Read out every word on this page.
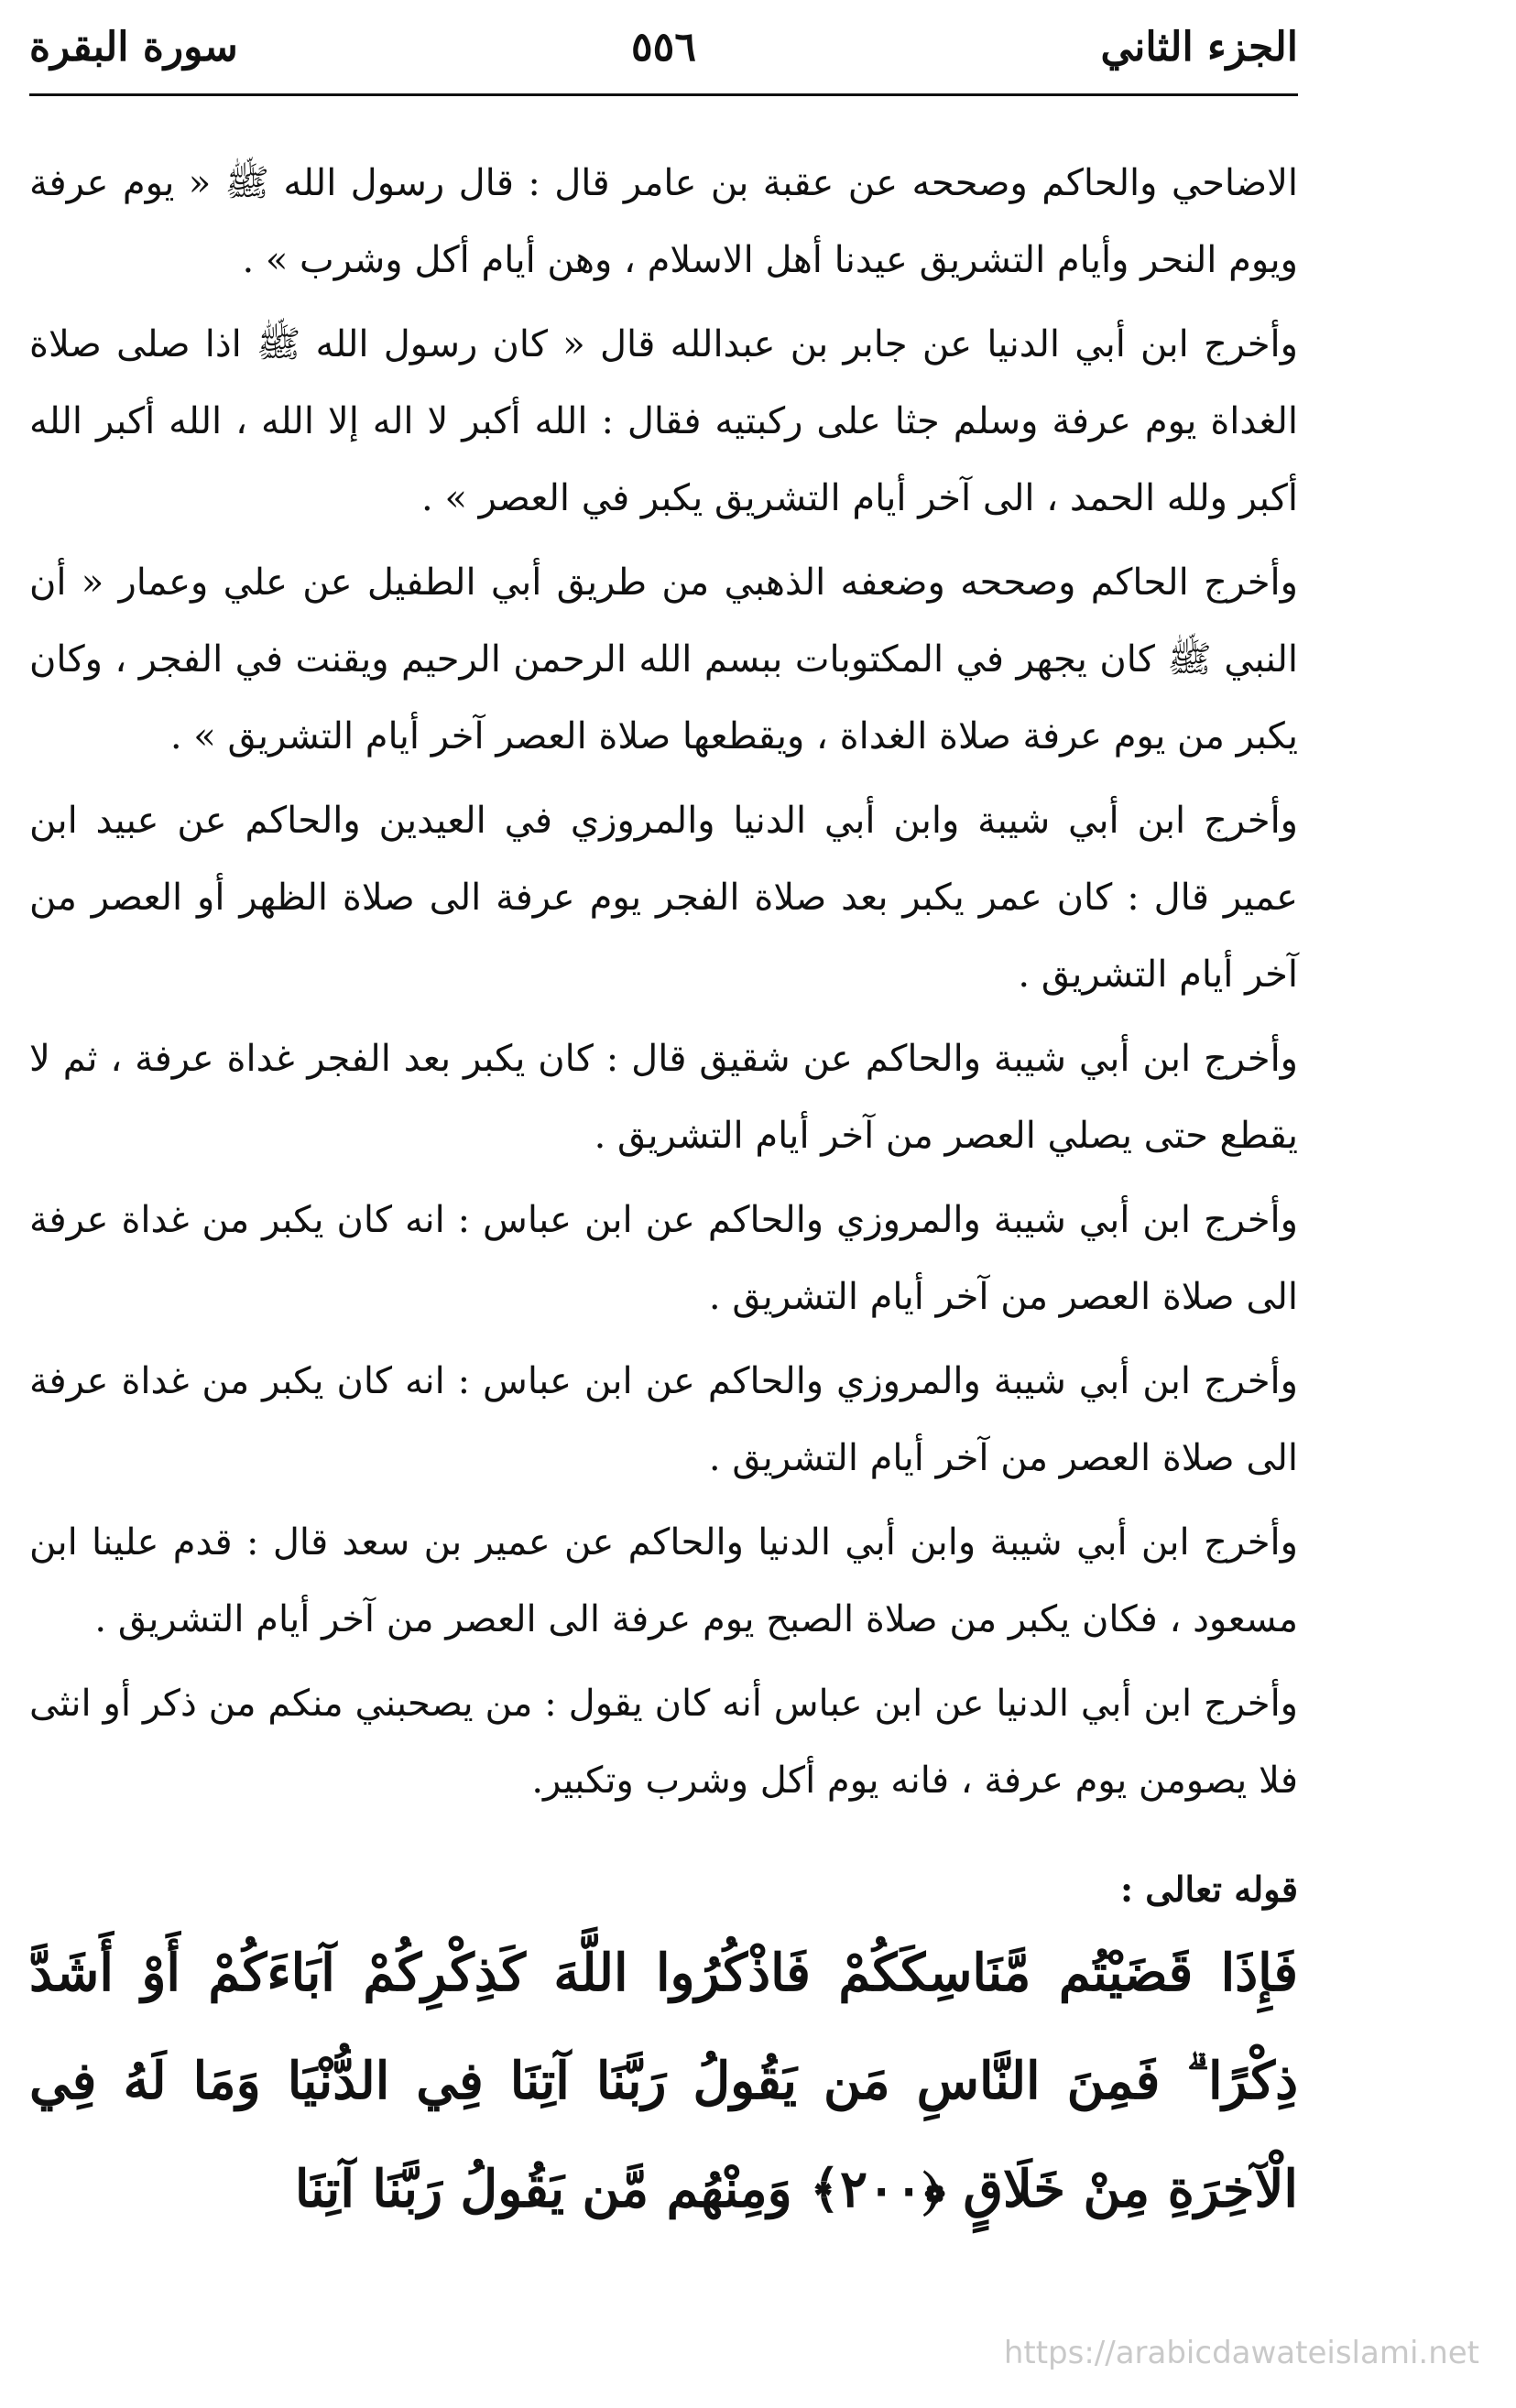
الجزء الثاني
٥٥٦
سورة البقرة

الاضاحي والحاكم وصححه عن عقبة بن عامر قال : قال رسول الله ﷺ « يوم عرفة ويوم النحر وأيام التشريق عيدنا أهل الاسلام ، وهن أيام أكل وشرب » .

وأخرج ابن أبي الدنيا عن جابر بن عبدالله قال « كان رسول الله ﷺ اذا صلى صلاة الغداة يوم عرفة وسلم جثا على ركبتيه فقال : الله أكبر لا اله إلا الله ، الله أكبر الله أكبر ولله الحمد ، الى آخر أيام التشريق يكبر في العصر » .

وأخرج الحاكم وصححه وضعفه الذهبي من طريق أبي الطفيل عن علي وعمار « أن النبي ﷺ كان يجهر في المكتوبات ببسم الله الرحمن الرحيم ويقنت في الفجر ، وكان يكبر من يوم عرفة صلاة الغداة ، ويقطعها صلاة العصر آخر أيام التشريق » .

وأخرج ابن أبي شيبة وابن أبي الدنيا والمروزي في العيدين والحاكم عن عبيد ابن عمير قال : كان عمر يكبر بعد صلاة الفجر يوم عرفة الى صلاة الظهر أو العصر من آخر أيام التشريق .

وأخرج ابن أبي شيبة والحاكم عن شقيق قال : كان يكبر بعد الفجر غداة عرفة ، ثم لا يقطع حتى يصلي العصر من آخر أيام التشريق .

وأخرج ابن أبي شيبة والمروزي والحاكم عن ابن عباس : انه كان يكبر من غداة عرفة الى صلاة العصر من آخر أيام التشريق .

وأخرج ابن أبي شيبة والمروزي والحاكم عن ابن عباس : انه كان يكبر من غداة عرفة الى صلاة العصر من آخر أيام التشريق .

وأخرج ابن أبي شيبة وابن أبي الدنيا والحاكم عن عمير بن سعد قال : قدم علينا ابن مسعود ، فكان يكبر من صلاة الصبح يوم عرفة الى العصر من آخر أيام التشريق .

وأخرج ابن أبي الدنيا عن ابن عباس أنه كان يقول : من يصحبني منكم من ذكر أو انثى فلا يصومن يوم عرفة ، فانه يوم أكل وشرب وتكبير.

قوله تعالى :
فَإِذَا قَضَيْتُم مَّنَاسِكَكُمْ فَاذْكُرُوا اللَّهَ كَذِكْرِكُمْ آبَاءَكُمْ أَوْ أَشَدَّ ذِكْرًا ۗ فَمِنَ النَّاسِ مَن يَقُولُ رَبَّنَا آتِنَا فِي الدُّنْيَا وَمَا لَهُ فِي الْآخِرَةِ مِنْ خَلَاقٍ ﴿٢٠٠﴾ وَمِنْهُم مَّن يَقُولُ رَبَّنَا آتِنَا
https://arabicdawateislami.net
